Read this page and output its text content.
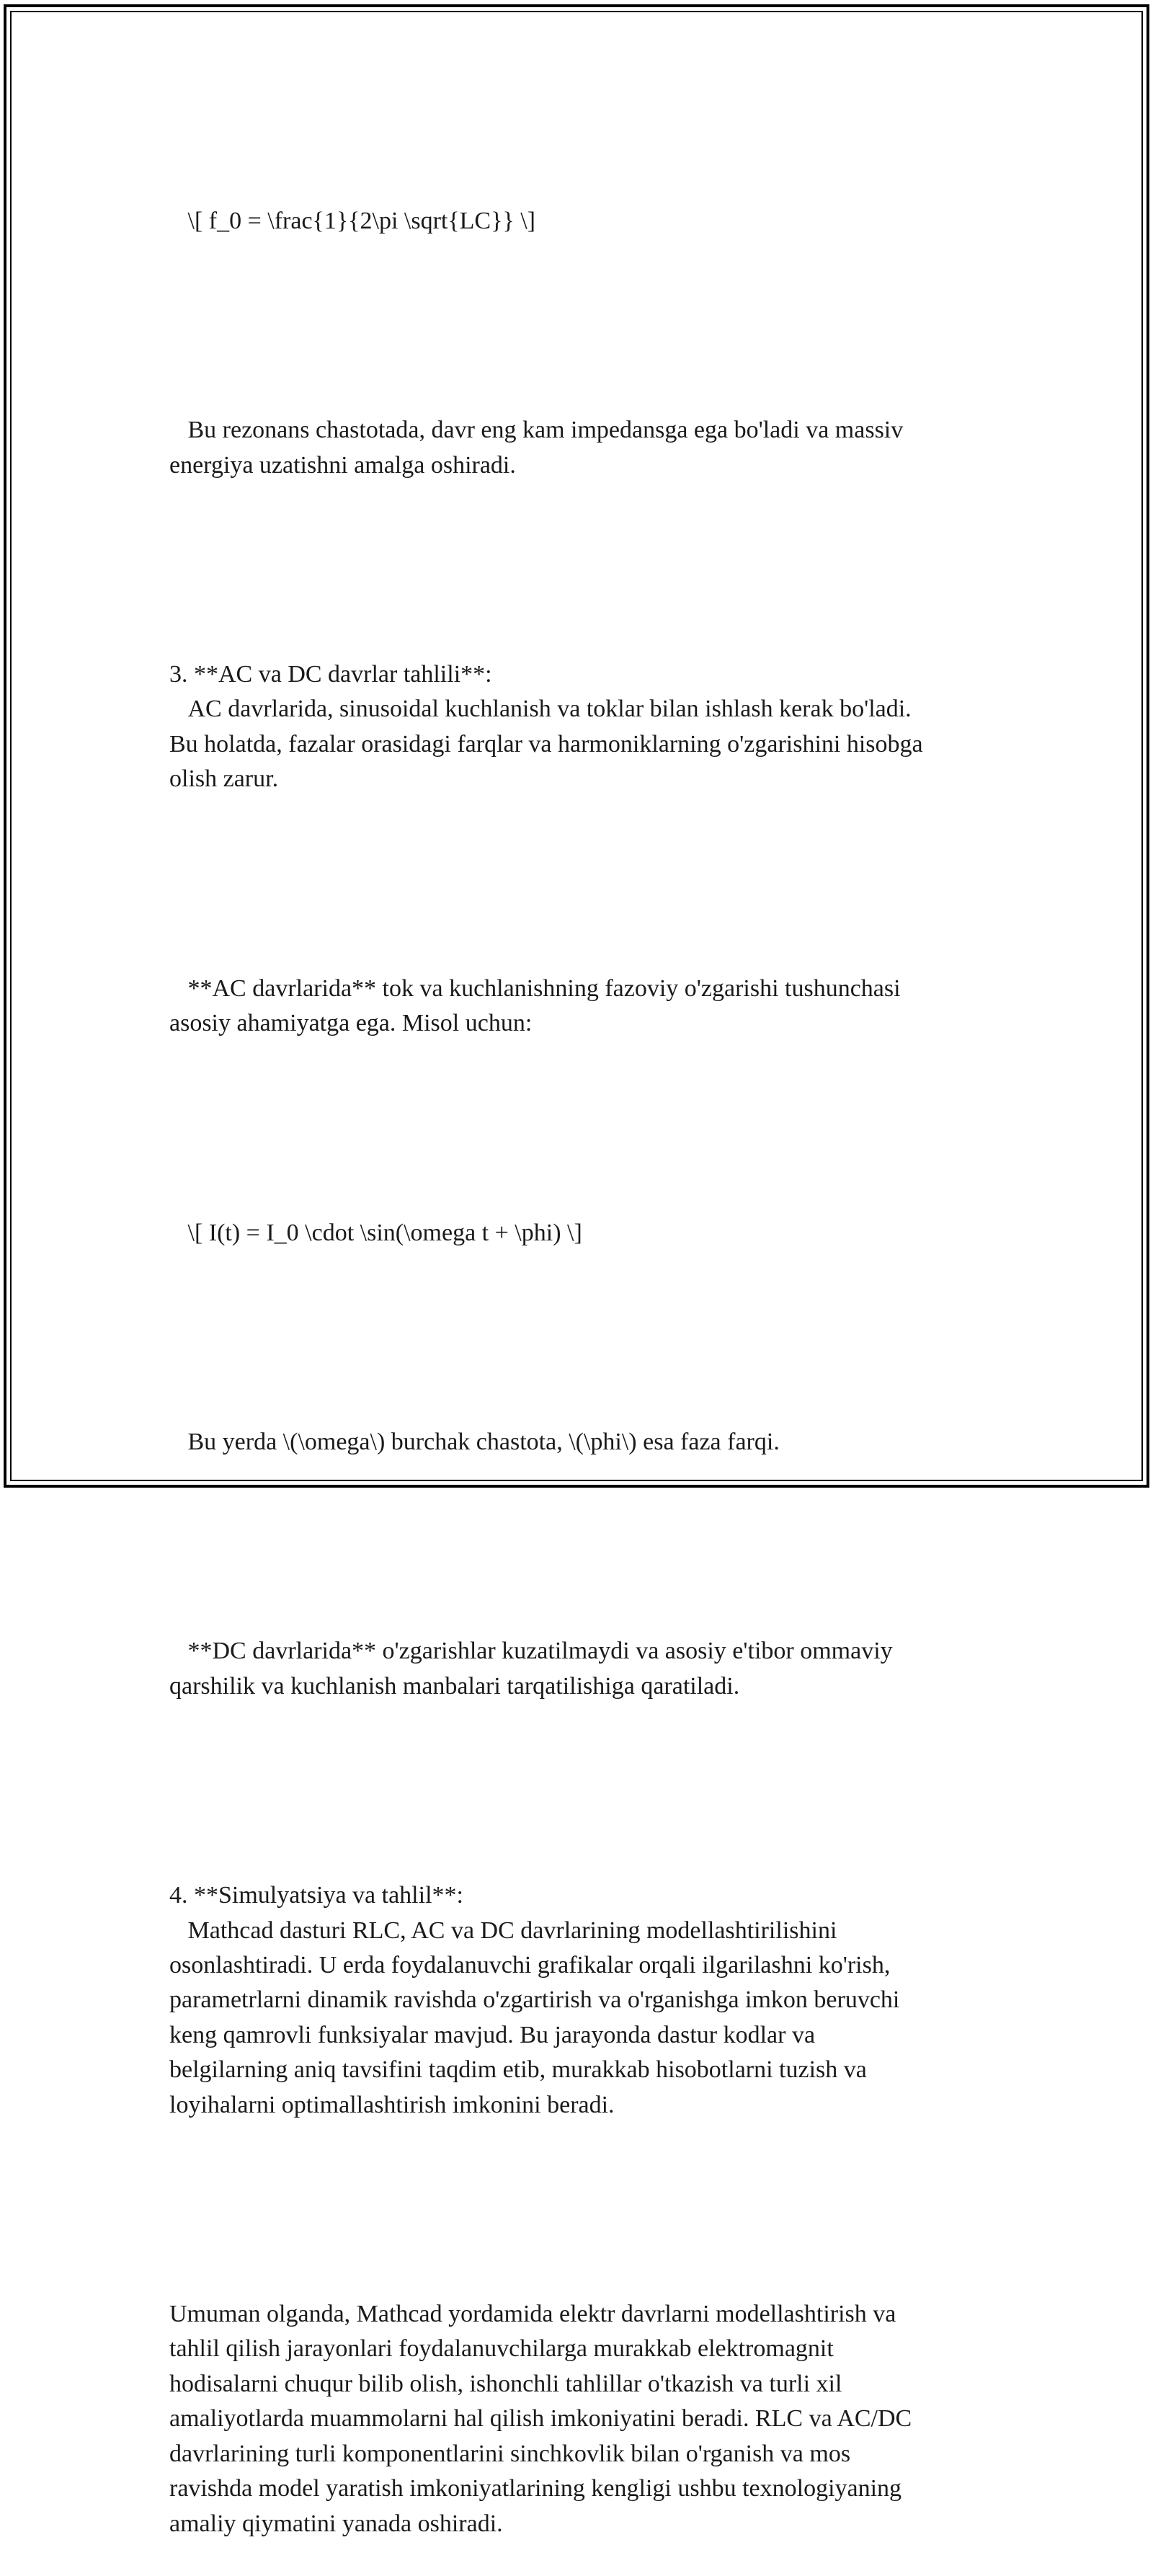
\[ f_0 = \frac{1}{2\pi \sqrt{LC}} \]

Bu rezonans chastotada, davr eng kam impedansga ega bo'ladi va massiv
energiya uzatishni amalga oshiradi.

3. **AC va DC davrlar tahlili**:
AC davrlarida, sinusoidal kuchlanish va toklar bilan ishlash kerak bo'ladi.
Bu holatda, fazalar orasidagi farqlar va harmoniklarning o'zgarishini hisobga
olish zarur.

**AC davrlarida** tok va kuchlanishning fazoviy o'zgarishi tushunchasi
asosiy ahamiyatga ega. Misol uchun:

\[ I(t) = I_0 \cdot \sin(\omega t + \phi) \]

Bu yerda \(\omega\) burchak chastota, \(\phi\) esa faza farqi.

**DC davrlarida** o'zgarishlar kuzatilmaydi va asosiy e'tibor ommaviy
qarshilik va kuchlanish manbalari tarqatilishiga qaratiladi.

4. **Simulyatsiya va tahlil**:
Mathcad dasturi RLC, AC va DC davrlarining modellashtirilishini
osonlashtiradi. U erda foydalanuvchi grafikalar orqali ilgarilashni ko'rish,
parametrlarni dinamik ravishda o'zgartirish va o'rganishga imkon beruvchi
keng qamrovli funksiyalar mavjud. Bu jarayonda dastur kodlar va
belgilarning aniq tavsifini taqdim etib, murakkab hisobotlarni tuzish va
loyihalarni optimallashtirish imkonini beradi.

Umuman olganda, Mathcad yordamida elektr davrlarni modellashtirish va
tahlil qilish jarayonlari foydalanuvchilarga murakkab elektromagnit
hodisalarni chuqur bilib olish, ishonchli tahlillar o'tkazish va turli xil
amaliyotlarda muammolarni hal qilish imkoniyatini beradi. RLC va AC/DC
davrlarining turli komponentlarini sinchkovlik bilan o'rganish va mos
ravishda model yaratish imkoniyatlarining kengligi ushbu texnologiyaning
amaliy qiymatini yanada oshiradi.
